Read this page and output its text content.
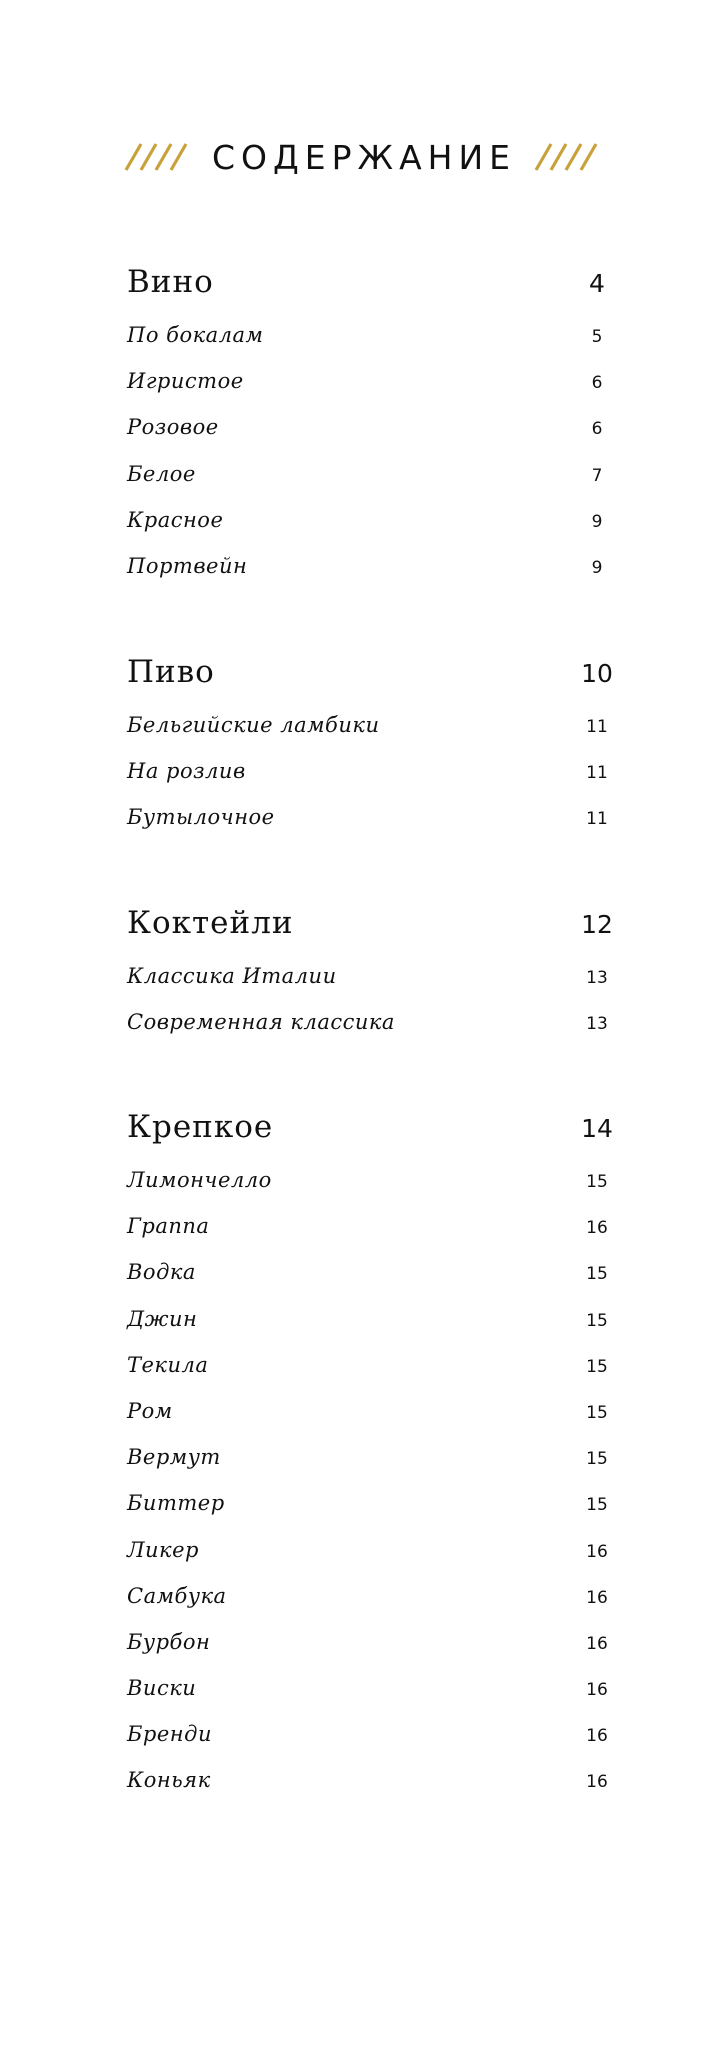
СОДЕРЖАНИЕ
Вино	4
По бокалам	5
Игристое	6
Розовое	6
Белое	7
Красное	9
Портвейн	9
Пиво	10
Бельгийские ламбики	11
На розлив	11
Бутылочное	11
Коктейли	12
Классика Италии	13
Современная классика	13
Крепкое	14
Лимончелло	15
Граппа	16
Водка	15
Джин	15
Текила	15
Ром	15
Вермут	15
Биттер	15
Ликер	16
Самбука	16
Бурбон	16
Виски	16
Бренди	16
Коньяк	16
